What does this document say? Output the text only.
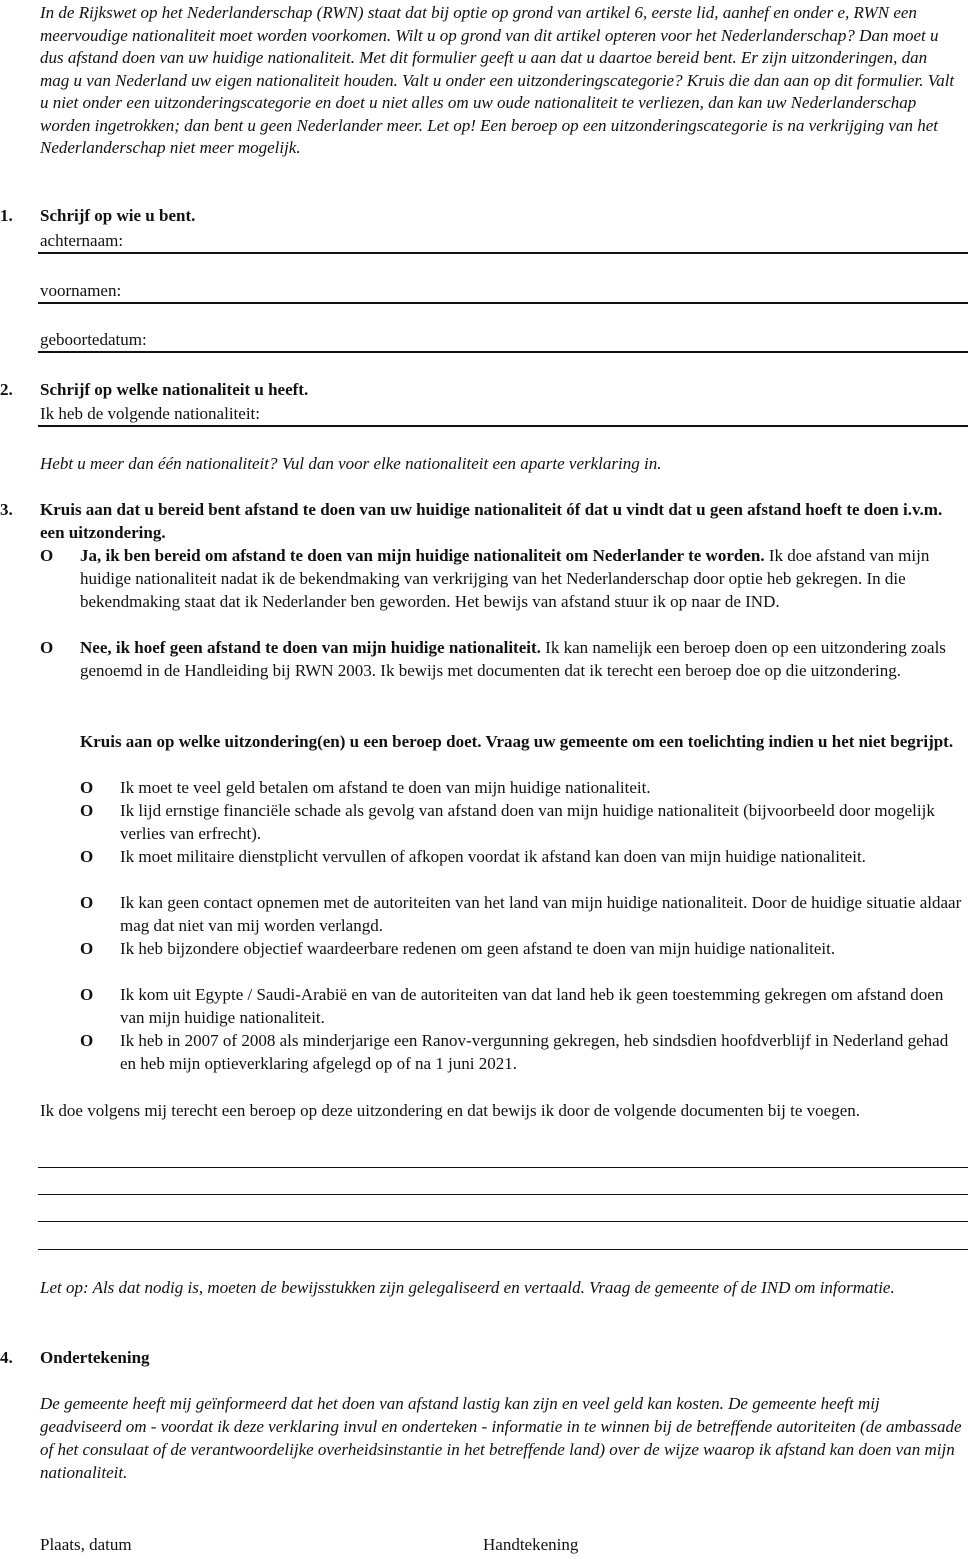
In de Rijkswet op het Nederlanderschap (RWN) staat dat bij optie op grond van artikel 6, eerste lid, aanhef en onder e, RWN een meervoudige nationaliteit moet worden voorkomen. Wilt u op grond van dit artikel opteren voor het Nederlanderschap? Dan moet u dus afstand doen van uw huidige nationaliteit. Met dit formulier geeft u aan dat u daartoe bereid bent. Er zijn uitzonderingen, dan mag u van Nederland uw eigen nationaliteit houden. Valt u onder een uitzonderingscategorie? Kruis die dan aan op dit formulier. Valt u niet onder een uitzonderingscategorie en doet u niet alles om uw oude nationaliteit te verliezen, dan kan uw Nederlanderschap worden ingetrokken; dan bent u geen Nederlander meer. Let op! Een beroep op een uitzonderingscategorie is na verkrijging van het Nederlanderschap niet meer mogelijk.
1. Schrijf op wie u bent.
achternaam:
voornamen:
geboortedatum:
2. Schrijf op welke nationaliteit u heeft.
Ik heb de volgende nationaliteit:
Hebt u meer dan één nationaliteit? Vul dan voor elke nationaliteit een aparte verklaring in.
3. Kruis aan dat u bereid bent afstand te doen van uw huidige nationaliteit óf dat u vindt dat u geen afstand hoeft te doen i.v.m. een uitzondering.
O Ja, ik ben bereid om afstand te doen van mijn huidige nationaliteit om Nederlander te worden. Ik doe afstand van mijn huidige nationaliteit nadat ik de bekendmaking van verkrijging van het Nederlanderschap door optie heb gekregen. In die bekendmaking staat dat ik Nederlander ben geworden. Het bewijs van afstand stuur ik op naar de IND.
O Nee, ik hoef geen afstand te doen van mijn huidige nationaliteit. Ik kan namelijk een beroep doen op een uitzondering zoals genoemd in de Handleiding bij RWN 2003. Ik bewijs met documenten dat ik terecht een beroep doe op die uitzondering.
Kruis aan op welke uitzondering(en) u een beroep doet. Vraag uw gemeente om een toelichting indien u het niet begrijpt.
O Ik moet te veel geld betalen om afstand te doen van mijn huidige nationaliteit.
O Ik lijd ernstige financiële schade als gevolg van afstand doen van mijn huidige nationaliteit (bijvoorbeeld door mogelijk verlies van erfrecht).
O Ik moet militaire dienstplicht vervullen of afkopen voordat ik afstand kan doen van mijn huidige nationaliteit.
O Ik kan geen contact opnemen met de autoriteiten van het land van mijn huidige nationaliteit. Door de huidige situatie aldaar mag dat niet van mij worden verlangd.
O Ik heb bijzondere objectief waardeerbare redenen om geen afstand te doen van mijn huidige nationaliteit.
O Ik kom uit Egypte / Saudi-Arabië en van de autoriteiten van dat land heb ik geen toestemming gekregen om afstand doen van mijn huidige nationaliteit.
O Ik heb in 2007 of 2008 als minderjarige een Ranov-vergunning gekregen, heb sindsdien hoofdverblijf in Nederland gehad en heb mijn optieverklaring afgelegd op of na 1 juni 2021.
Ik doe volgens mij terecht een beroep op deze uitzondering en dat bewijs ik door de volgende documenten bij te voegen.
Let op: Als dat nodig is, moeten de bewijsstukken zijn gelegaliseerd en vertaald. Vraag de gemeente of de IND om informatie.
4. Ondertekening
De gemeente heeft mij geïnformeerd dat het doen van afstand lastig kan zijn en veel geld kan kosten. De gemeente heeft mij geadviseerd om - voordat ik deze verklaring invul en onderteken - informatie in te winnen bij de betreffende autoriteiten (de ambassade of het consulaat of de verantwoordelijke overheidsinstantie in het betreffende land) over de wijze waarop ik afstand kan doen van mijn nationaliteit.
Plaats, datum	Handtekening
